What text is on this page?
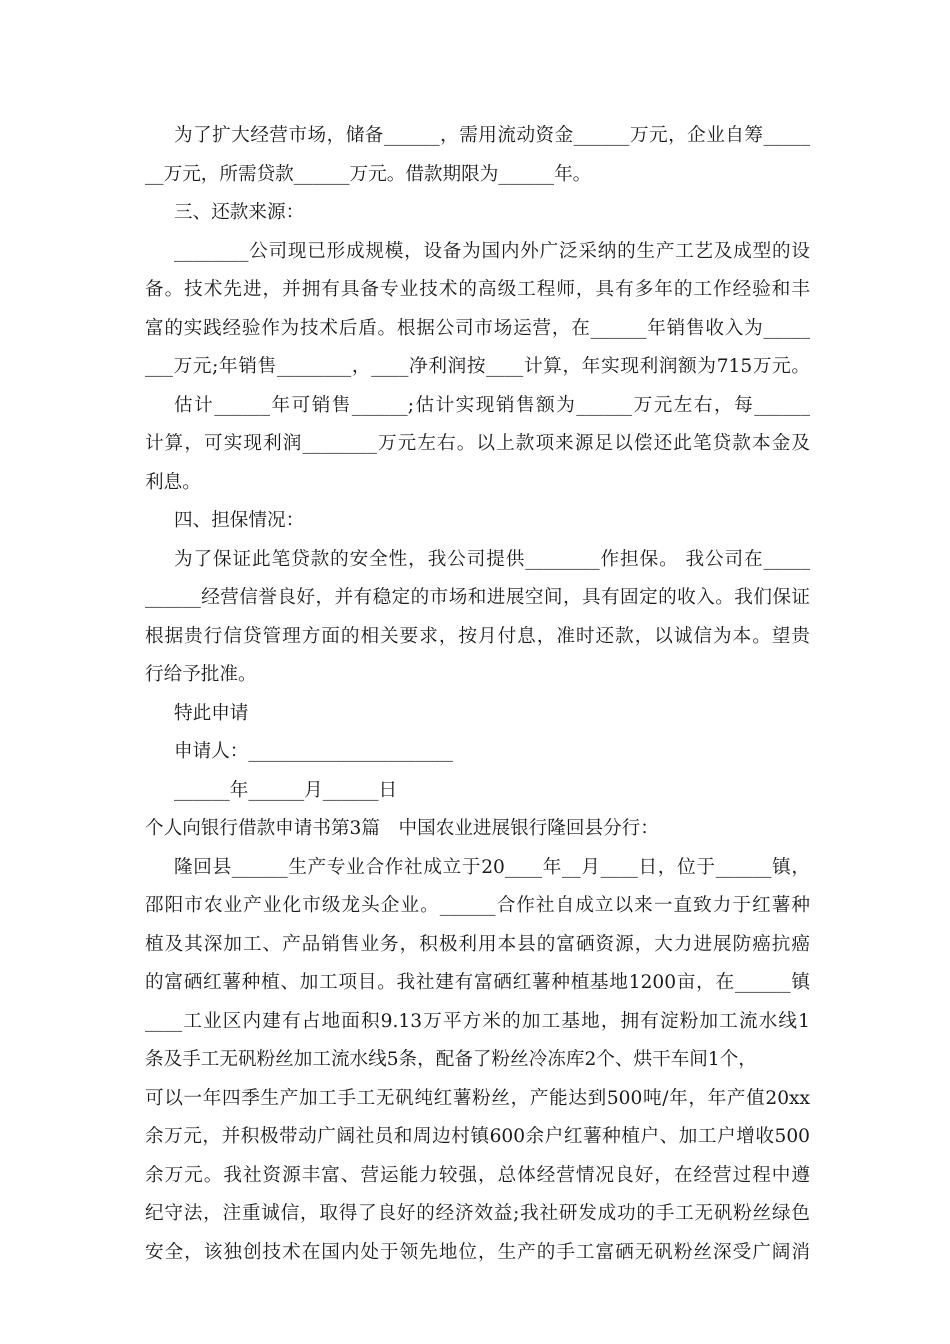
为了扩大经营市场，储备______，需用流动资金______万元，企业自筹_____
__万元，所需贷款______万元。借款期限为______年。
三、还款来源：
________公司现已形成规模，设备为国内外广泛采纳的生产工艺及成型的设
备。技术先进，并拥有具备专业技术的高级工程师，具有多年的工作经验和丰
富的实践经验作为技术后盾。根据公司市场运营，在______年销售收入为_____
___万元;年销售________，____净利润按____计算，年实现利润额为715万元。
估计______年可销售______;估计实现销售额为______万元左右，每______
计算，可实现利润________万元左右。以上款项来源足以偿还此笔贷款本金及
利息。
四、担保情况：
为了保证此笔贷款的安全性，我公司提供________作担保。 我公司在_____
______经营信誉良好，并有稳定的市场和进展空间，具有固定的收入。我们保证
根据贵行信贷管理方面的相关要求，按月付息，准时还款，以诚信为本。望贵
行给予批准。
特此申请
申请人：______________________
______年______月______日
个人向银行借款申请书第3篇　中国农业进展银行隆回县分行：
隆回县______生产专业合作社成立于20____年__月____日，位于______镇，
邵阳市农业产业化市级龙头企业。______合作社自成立以来一直致力于红薯种
植及其深加工、产品销售业务，积极利用本县的富硒资源，大力进展防癌抗癌
的富硒红薯种植、加工项目。我社建有富硒红薯种植基地1200亩，在______镇
____工业区内建有占地面积9.13万平方米的加工基地，拥有淀粉加工流水线1
条及手工无矾粉丝加工流水线5条，配备了粉丝冷冻库2个、烘干车间1个，
可以一年四季生产加工手工无矾纯红薯粉丝，产能达到500吨/年，年产值20xx
余万元，并积极带动广阔社员和周边村镇600余户红薯种植户、加工户增收500
余万元。我社资源丰富、营运能力较强，总体经营情况良好，在经营过程中遵
纪守法，注重诚信，取得了良好的经济效益;我社研发成功的手工无矾粉丝绿色
安全，该独创技术在国内处于领先地位，生产的手工富硒无矾粉丝深受广阔消
